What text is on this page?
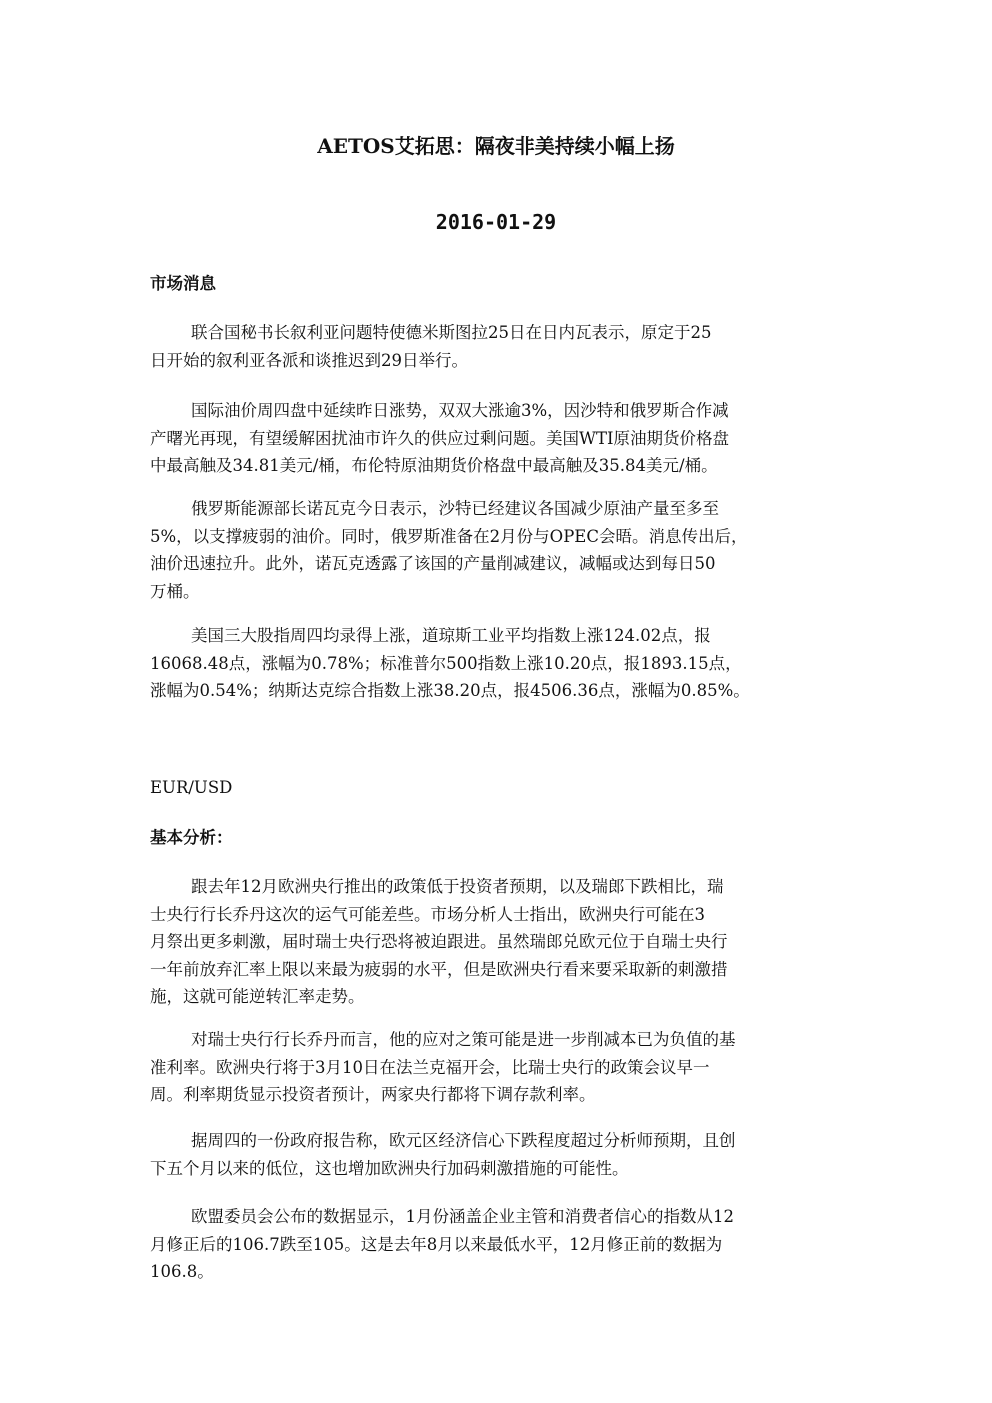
AETOS艾拓思：隔夜非美持续小幅上扬
2016-01-29
市场消息
联合国秘书长叙利亚问题特使德米斯图拉25日在日内瓦表示，原定于25
日开始的叙利亚各派和谈推迟到29日举行。
国际油价周四盘中延续昨日涨势，双双大涨逾3%，因沙特和俄罗斯合作减
产曙光再现，有望缓解困扰油市许久的供应过剩问题。美国WTI原油期货价格盘
中最高触及34.81美元/桶，布伦特原油期货价格盘中最高触及35.84美元/桶。
俄罗斯能源部长诺瓦克今日表示，沙特已经建议各国减少原油产量至多至
5%，以支撑疲弱的油价。同时，俄罗斯准备在2月份与OPEC会晤。消息传出后，
油价迅速拉升。此外，诺瓦克透露了该国的产量削减建议，减幅或达到每日50
万桶。
美国三大股指周四均录得上涨，道琼斯工业平均指数上涨124.02点，报
16068.48点，涨幅为0.78%；标准普尔500指数上涨10.20点，报1893.15点，
涨幅为0.54%；纳斯达克综合指数上涨38.20点，报4506.36点，涨幅为0.85%。
EUR/USD
基本分析：
跟去年12月欧洲央行推出的政策低于投资者预期，以及瑞郎下跌相比，瑞
士央行行长乔丹这次的运气可能差些。市场分析人士指出，欧洲央行可能在3
月祭出更多刺激，届时瑞士央行恐将被迫跟进。虽然瑞郎兑欧元位于自瑞士央行
一年前放弃汇率上限以来最为疲弱的水平，但是欧洲央行看来要采取新的刺激措
施，这就可能逆转汇率走势。
对瑞士央行行长乔丹而言，他的应对之策可能是进一步削减本已为负值的基
准利率。欧洲央行将于3月10日在法兰克福开会，比瑞士央行的政策会议早一
周。利率期货显示投资者预计，两家央行都将下调存款利率。
据周四的一份政府报告称，欧元区经济信心下跌程度超过分析师预期，且创
下五个月以来的低位，这也增加欧洲央行加码刺激措施的可能性。
欧盟委员会公布的数据显示，1月份涵盖企业主管和消费者信心的指数从12
月修正后的106.7跌至105。这是去年8月以来最低水平，12月修正前的数据为
106.8。
